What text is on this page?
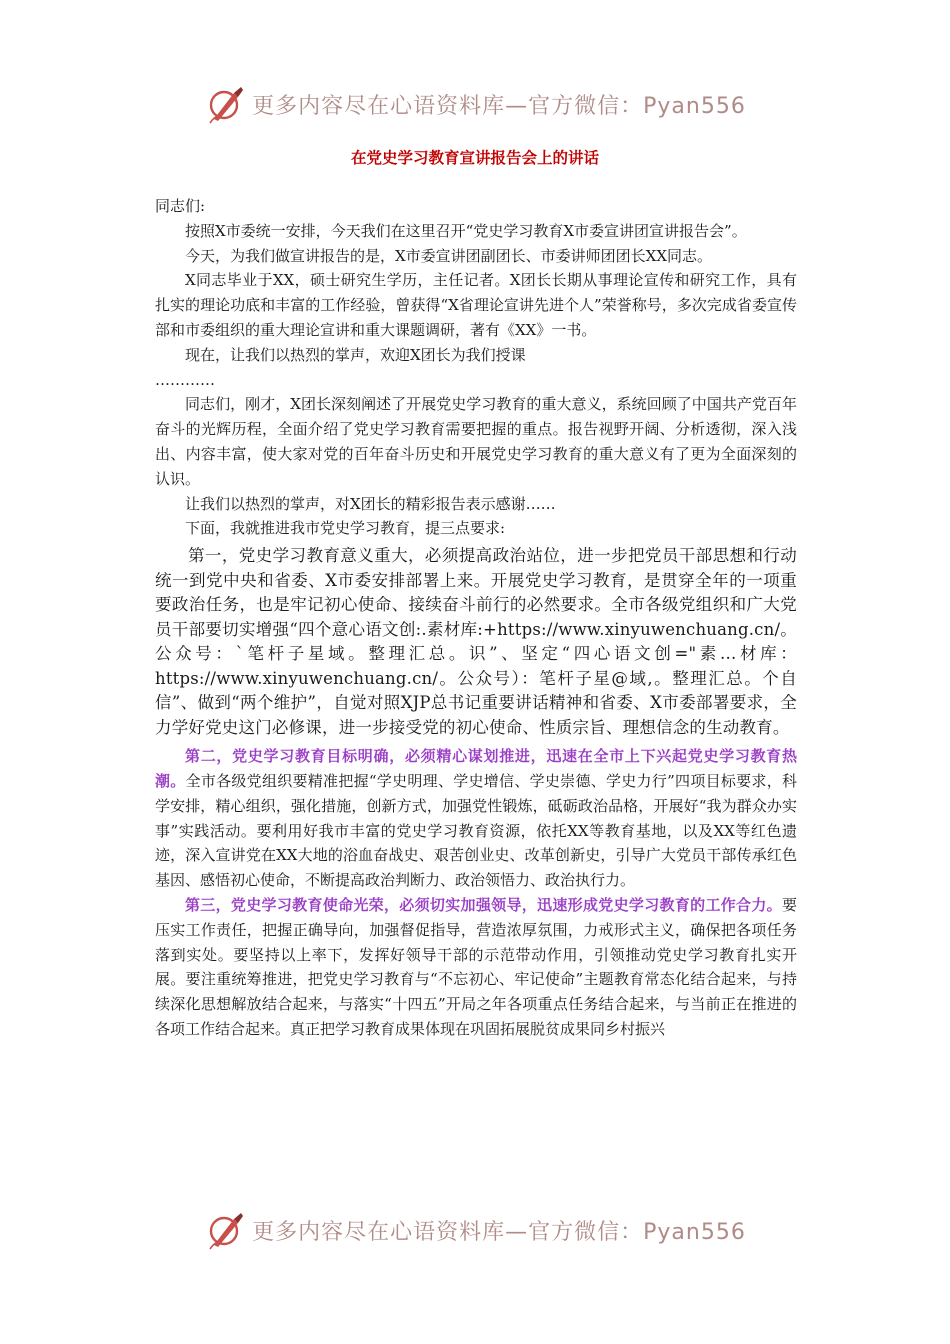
更多内容尽在心语资料库—官方微信：Pyan556
在党史学习教育宣讲报告会上的讲话

同志们:

按照X市委统一安排，今天我们在这里召开“党史学习教育X市委宣讲团宣讲报告会”。

今天，为我们做宣讲报告的是，X市委宣讲团副团长、市委讲师团团长XX同志。

X同志毕业于XX，硕士研究生学历，主任记者。X团长长期从事理论宣传和研究工作，具有扎实的理论功底和丰富的工作经验，曾获得“X省理论宣讲先进个人”荣誉称号，多次完成省委宣传部和市委组织的重大理论宣讲和重大课题调研，著有《XX》一书。

现在，让我们以热烈的掌声，欢迎X团长为我们授课

…………

同志们，刚才，X团长深刻阐述了开展党史学习教育的重大意义，系统回顾了中国共产党百年奋斗的光辉历程，全面介绍了党史学习教育需要把握的重点。报告视野开阔、分析透彻，深入浅出、内容丰富，使大家对党的百年奋斗历史和开展党史学习教育的重大意义有了更为全面深刻的认识。

让我们以热烈的掌声，对X团长的精彩报告表示感谢……

下面，我就推进我市党史学习教育，提三点要求:

第一，党史学习教育意义重大，必须提高政治站位，进一步把党员干部思想和行动统一到党中央和省委、X市委安排部署上来。开展党史学习教育，是贯穿全年的一项重要政治任务，也是牢记初心使命、接续奋斗前行的必然要求。全市各级党组织和广大党员干部要切实增强“四个意心语文创:.素材库:+https://www.xinyuwenchuang.cn/。公众号：`笔杆子星域。整理汇总。识”、坚定“四心语文创="素…材库：https://www.xinyuwenchuang.cn/。公众号）：笔杆子星@域,。整理汇总。个自信”、做到“两个维护”，自觉对照XJP总书记重要讲话精神和省委、X市委部署要求，全力学好党史这门必修课，进一步接受党的初心使命、性质宗旨、理想信念的生动教育。

第二，党史学习教育目标明确，必须精心谋划推进，迅速在全市上下兴起党史学习教育热潮。全市各级党组织要精准把握“学史明理、学史增信、学史崇德、学史力行”四项目标要求，科学安排，精心组织，强化措施，创新方式，加强党性锻炼，砥砺政治品格，开展好“我为群众办实事”实践活动。要利用好我市丰富的党史学习教育资源，依托XX等教育基地，以及XX等红色遗迹，深入宣讲党在XX大地的浴血奋战史、艰苦创业史、改革创新史，引导广大党员干部传承红色基因、感悟初心使命，不断提高政治判断力、政治领悟力、政治执行力。

第三，党史学习教育使命光荣，必须切实加强领导，迅速形成党史学习教育的工作合力。要压实工作责任，把握正确导向，加强督促指导，营造浓厚氛围，力戒形式主义，确保把各项任务落到实处。要坚持以上率下，发挥好领导干部的示范带动作用，引领推动党史学习教育扎实开展。要注重统筹推进，把党史学习教育与“不忘初心、牢记使命”主题教育常态化结合起来，与持续深化思想解放结合起来，与落实“十四五”开局之年各项重点任务结合起来，与当前正在推进的各项工作结合起来。真正把学习教育成果体现在巩固拓展脱贫成果同乡村振兴

更多内容尽在心语资料库—官方微信：Pyan556
